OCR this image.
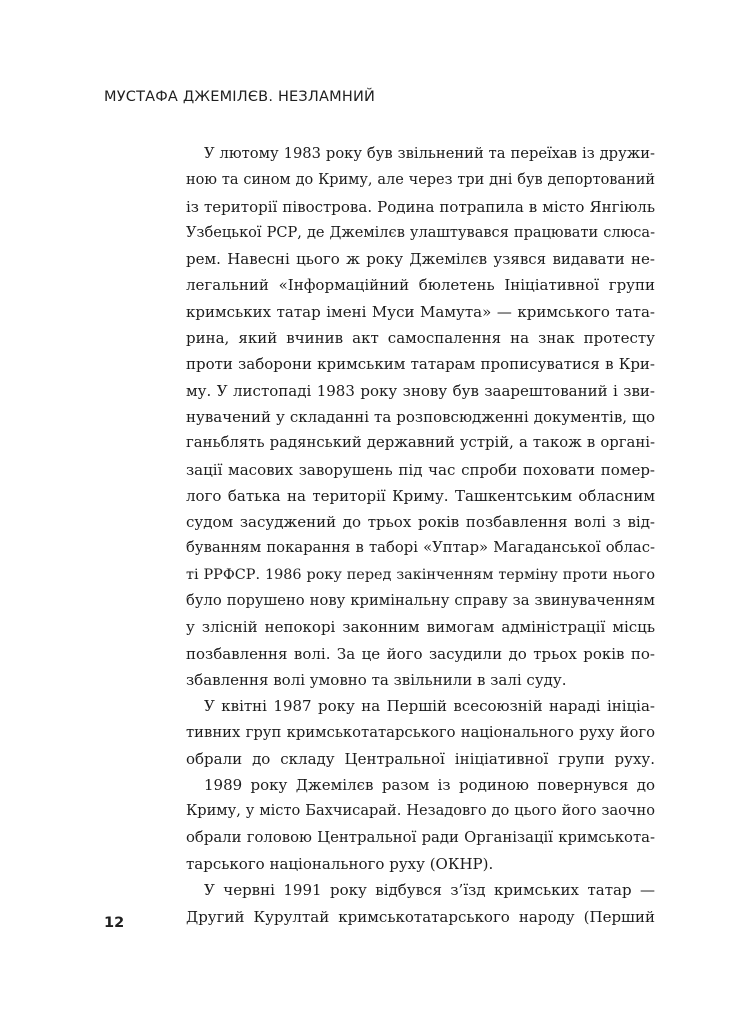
МУСТАФА ДЖЕМІЛЄВ. НЕЗЛАМНИЙ
У лютому 1983 року був звільнений та переїхав із дружи-
ною та сином до Криму, але через три дні був депортований
із території півострова. Родина потрапила в місто Янгіюль
Узбецької РСР, де Джемілєв улаштувався працювати слюса-
рем. Навесні цього ж року Джемілєв узявся видавати не-
легальний «Інформаційний бюлетень Ініціативної групи
кримських татар імені Муси Мамута» — кримського тата-
рина, який вчинив акт самоспалення на знак протесту
проти заборони кримським татарам прописуватися в Кри-
му. У листопаді 1983 року знову був заарештований і зви-
нувачений у складанні та розповсюдженні документів, що
ганьблять радянський державний устрій, а також в органі-
зації масових заворушень під час спроби поховати помер-
лого батька на території Криму. Ташкентським обласним
судом засуджений до трьох років позбавлення волі з від-
буванням покарання в таборі «Уптар» Магаданської облас-
ті РРФСР. 1986 року перед закінченням терміну проти нього
було порушено нову кримінальну справу за звинуваченням
у злісній непокорі законним вимогам адміністрації місць
позбавлення волі. За це його засудили до трьох років по-
збавлення волі умовно та звільнили в залі суду.
У квітні 1987 року на Першій всесоюзній нараді ініціа-
тивних груп кримськотатарського національного руху його
обрали до складу Центральної ініціативної групи руху.
1989 року Джемілєв разом із родиною повернувся до
Криму, у місто Бахчисарай. Незадовго до цього його заочно
обрали головою Центральної ради Організації кримськота-
тарського національного руху (ОКНР).
У червні 1991 року відбувся з’їзд кримських татар —
Другий Курултай кримськотатарського народу (Перший
12
